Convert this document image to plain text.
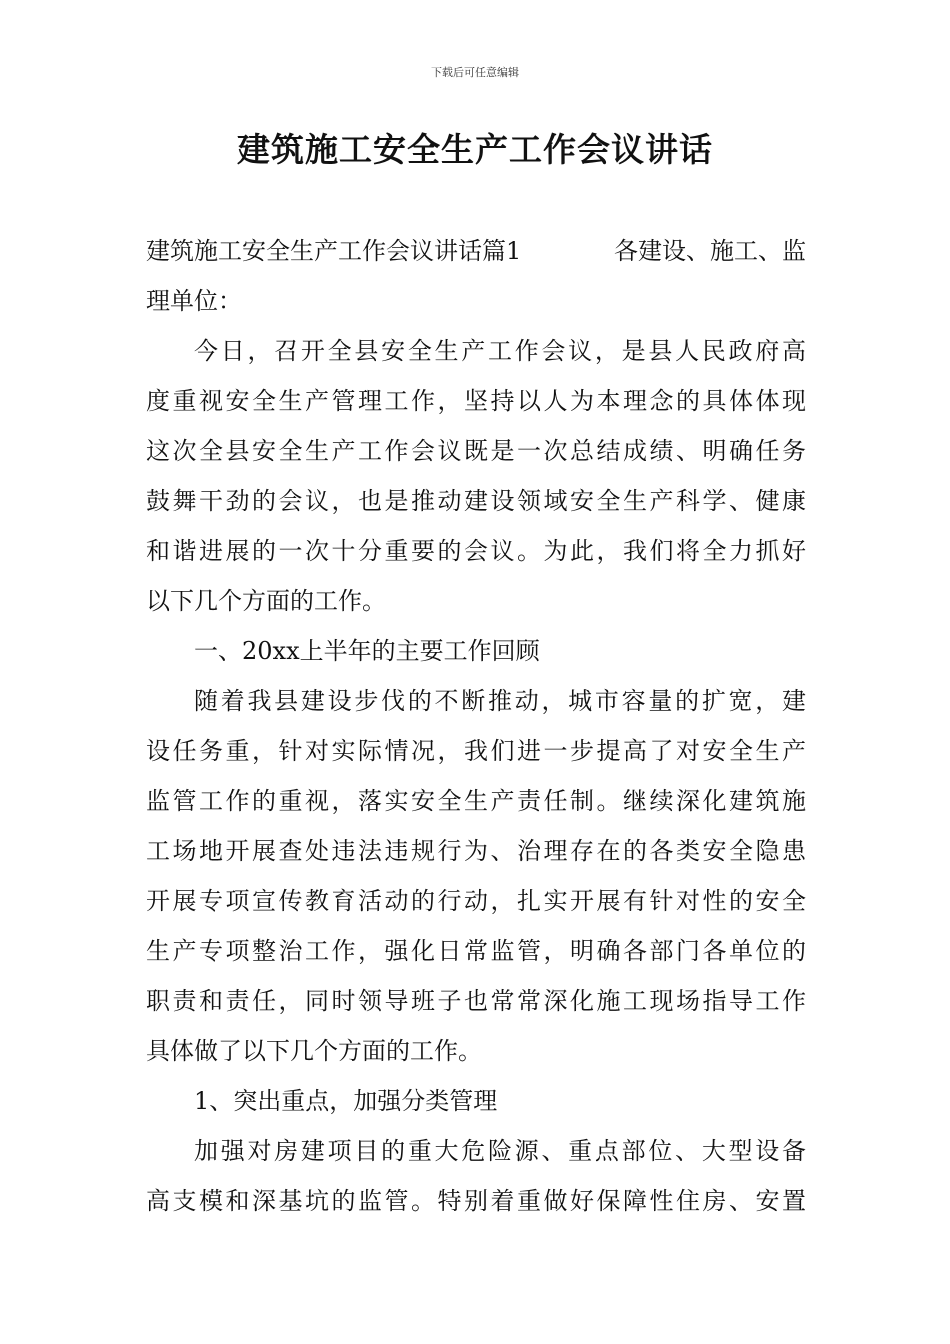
下载后可任意编辑
建筑施工安全生产工作会议讲话
建筑施工安全生产工作会议讲话篇1	各建设、施工、监
理单位：
今日，召开全县安全生产工作会议，是县人民政府高
度重视安全生产管理工作，坚持以人为本理念的具体体现
这次全县安全生产工作会议既是一次总结成绩、明确任务
鼓舞干劲的会议，也是推动建设领域安全生产科学、健康
和谐进展的一次十分重要的会议。为此，我们将全力抓好
以下几个方面的工作。
一、20xx上半年的主要工作回顾
随着我县建设步伐的不断推动，城市容量的扩宽，建
设任务重，针对实际情况，我们进一步提高了对安全生产
监管工作的重视，落实安全生产责任制。继续深化建筑施
工场地开展查处违法违规行为、治理存在的各类安全隐患
开展专项宣传教育活动的行动，扎实开展有针对性的安全
生产专项整治工作，强化日常监管，明确各部门各单位的
职责和责任，同时领导班子也常常深化施工现场指导工作
具体做了以下几个方面的工作。
1、突出重点，加强分类管理
加强对房建项目的重大危险源、重点部位、大型设备
高支模和深基坑的监管。特别着重做好保障性住房、安置
